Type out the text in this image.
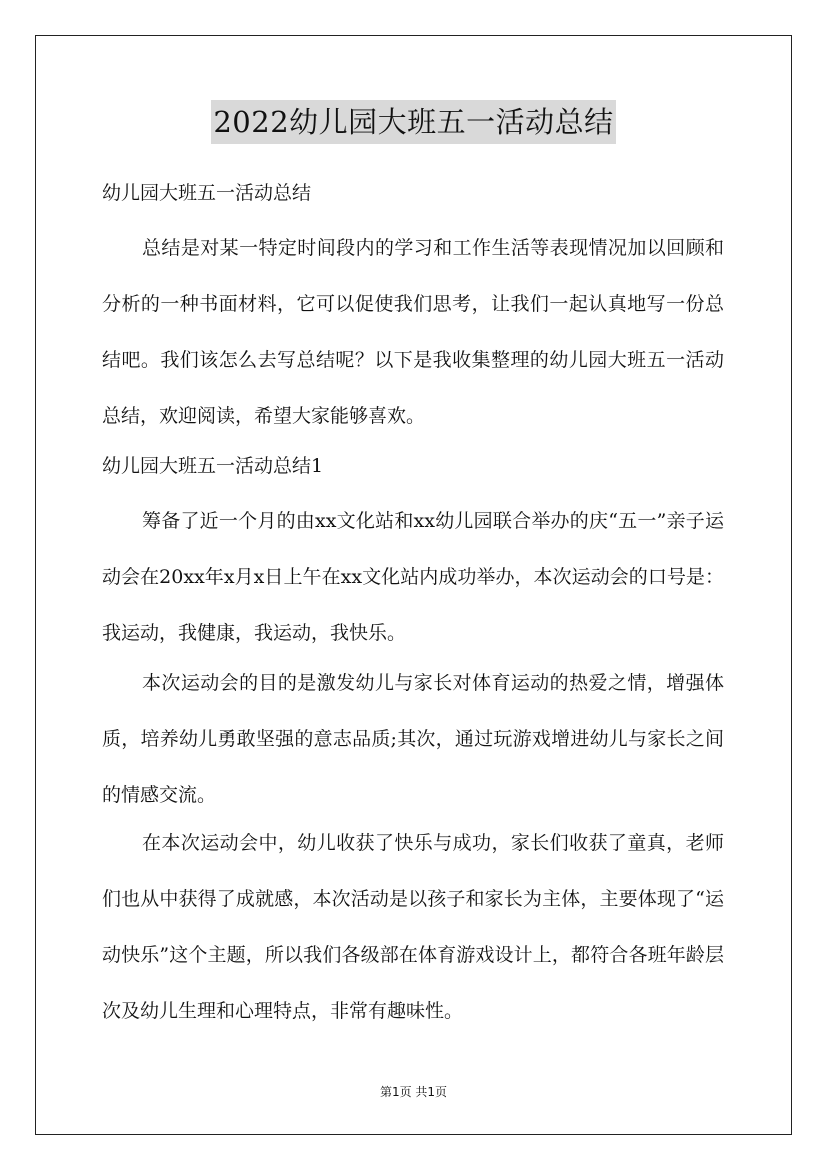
2022幼儿园大班五一活动总结

幼儿园大班五一活动总结

总结是对某一特定时间段内的学习和工作生活等表现情况加以回顾和分析的一种书面材料，它可以促使我们思考，让我们一起认真地写一份总结吧。我们该怎么去写总结呢？以下是我收集整理的幼儿园大班五一活动总结，欢迎阅读，希望大家能够喜欢。

幼儿园大班五一活动总结1

筹备了近一个月的由xx文化站和xx幼儿园联合举办的庆“五一”亲子运动会在20xx年x月x日上午在xx文化站内成功举办，本次运动会的口号是：我运动，我健康，我运动，我快乐。

本次运动会的目的是激发幼儿与家长对体育运动的热爱之情，增强体质，培养幼儿勇敢坚强的意志品质;其次，通过玩游戏增进幼儿与家长之间的情感交流。

在本次运动会中，幼儿收获了快乐与成功，家长们收获了童真，老师们也从中获得了成就感，本次活动是以孩子和家长为主体，主要体现了“运动快乐”这个主题，所以我们各级部在体育游戏设计上，都符合各班年龄层次及幼儿生理和心理特点，非常有趣味性。

第1页 共1页
